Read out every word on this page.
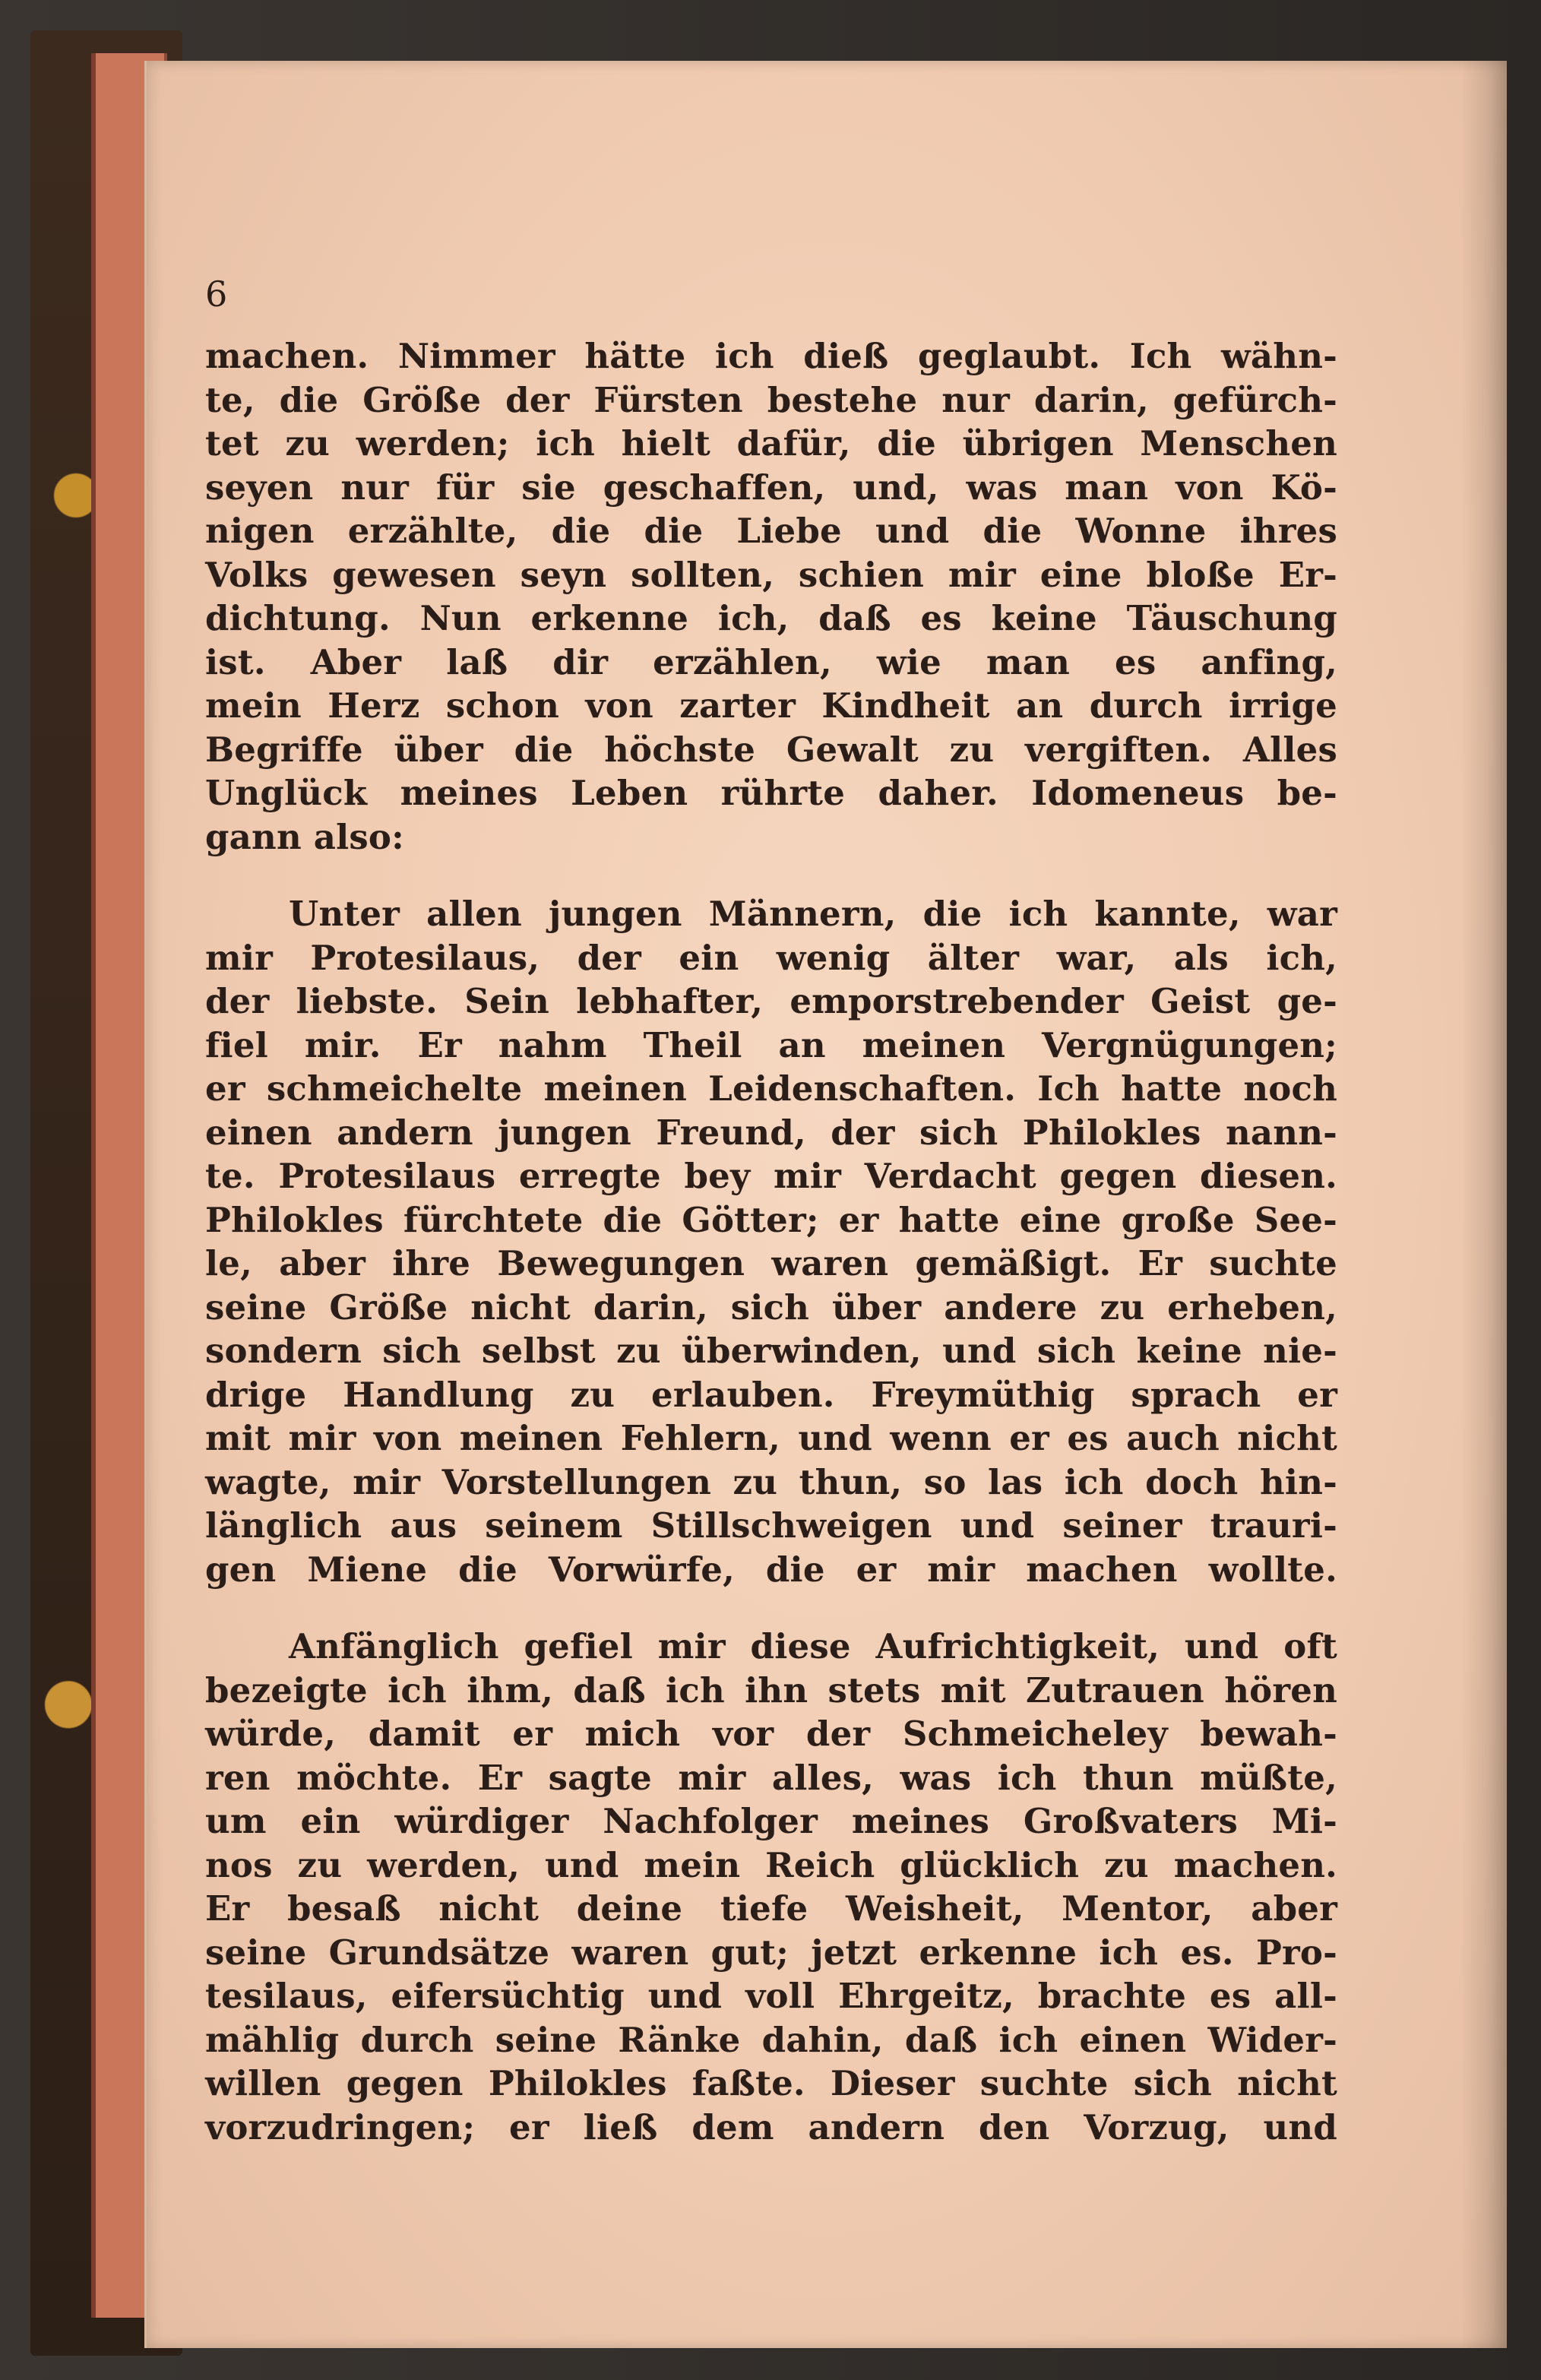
6

machen. Nimmer hätte ich dieß geglaubt. Ich wähn-
te, die Größe der Fürsten bestehe nur darin, gefürch-
tet zu werden; ich hielt dafür, die übrigen Menschen
seyen nur für sie geschaffen, und, was man von Kö-
nigen erzählte, die die Liebe und die Wonne ihres
Volks gewesen seyn sollten, schien mir eine bloße Er-
dichtung. Nun erkenne ich, daß es keine Täuschung
ist. Aber laß dir erzählen, wie man es anfing,
mein Herz schon von zarter Kindheit an durch irrige
Begriffe über die höchste Gewalt zu vergiften. Alles
Unglück meines Leben rührte daher. Idomeneus be-
gann also:

Unter allen jungen Männern, die ich kannte, war
mir Protesilaus, der ein wenig älter war, als ich,
der liebste. Sein lebhafter, emporstrebender Geist ge-
fiel mir. Er nahm Theil an meinen Vergnügungen;
er schmeichelte meinen Leidenschaften. Ich hatte noch
einen andern jungen Freund, der sich Philokles nann-
te. Protesilaus erregte bey mir Verdacht gegen diesen.
Philokles fürchtete die Götter; er hatte eine große See-
le, aber ihre Bewegungen waren gemäßigt. Er suchte
seine Größe nicht darin, sich über andere zu erheben,
sondern sich selbst zu überwinden, und sich keine nie-
drige Handlung zu erlauben. Freymüthig sprach er
mit mir von meinen Fehlern, und wenn er es auch nicht
wagte, mir Vorstellungen zu thun, so las ich doch hin-
länglich aus seinem Stillschweigen und seiner trauri-
gen Miene die Vorwürfe, die er mir machen wollte.

Anfänglich gefiel mir diese Aufrichtigkeit, und oft
bezeigte ich ihm, daß ich ihn stets mit Zutrauen hören
würde, damit er mich vor der Schmeicheley bewah-
ren möchte. Er sagte mir alles, was ich thun müßte,
um ein würdiger Nachfolger meines Großvaters Mi-
nos zu werden, und mein Reich glücklich zu machen.
Er besaß nicht deine tiefe Weisheit, Mentor, aber
seine Grundsätze waren gut; jetzt erkenne ich es. Pro-
tesilaus, eifersüchtig und voll Ehrgeitz, brachte es all-
mählig durch seine Ränke dahin, daß ich einen Wider-
willen gegen Philokles faßte. Dieser suchte sich nicht
vorzudringen; er ließ dem andern den Vorzug, und
